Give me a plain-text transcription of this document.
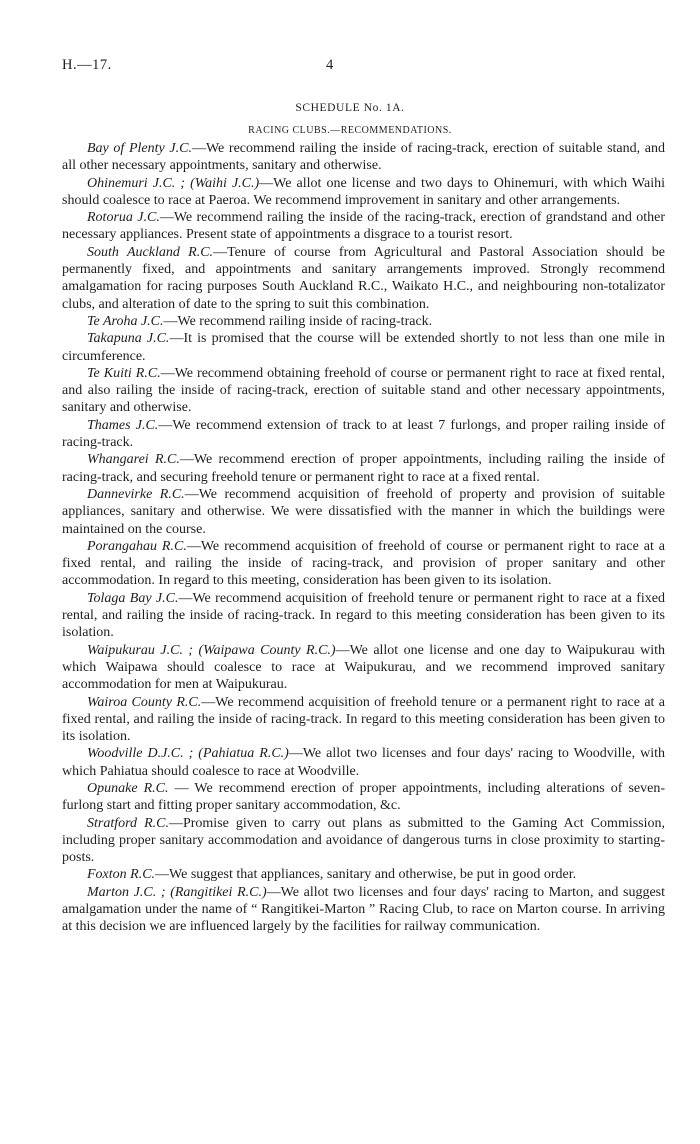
H.—17.	4
SCHEDULE No. 1A.
RACING CLUBS.—RECOMMENDATIONS.

Bay of Plenty J.C.—We recommend railing the inside of racing-track, erection of suitable stand, and all other necessary appointments, sanitary and otherwise.

Ohinemuri J.C. ; (Waihi J.C.)—We allot one license and two days to Ohinemuri, with which Waihi should coalesce to race at Paeroa. We recommend improvement in sanitary and other arrangements.

Rotorua J.C.—We recommend railing the inside of the racing-track, erection of grandstand and other necessary appliances. Present state of appointments a disgrace to a tourist resort.

South Auckland R.C.—Tenure of course from Agricultural and Pastoral Association should be permanently fixed, and appointments and sanitary arrangements improved. Strongly recommend amalgamation for racing purposes South Auckland R.C., Waikato H.C., and neighbouring non-totalizator clubs, and alteration of date to the spring to suit this combination.

Te Aroha J.C.—We recommend railing inside of racing-track.

Takapuna J.C.—It is promised that the course will be extended shortly to not less than one mile in circumference.

Te Kuiti R.C.—We recommend obtaining freehold of course or permanent right to race at fixed rental, and also railing the inside of racing-track, erection of suitable stand and other necessary appointments, sanitary and otherwise.

Thames J.C.—We recommend extension of track to at least 7 furlongs, and proper railing inside of racing-track.

Whangarei R.C.—We recommend erection of proper appointments, including railing the inside of racing-track, and securing freehold tenure or permanent right to race at a fixed rental.

Dannevirke R.C.—We recommend acquisition of freehold of property and provision of suitable appliances, sanitary and otherwise. We were dissatisfied with the manner in which the buildings were maintained on the course.

Porangahau R.C.—We recommend acquisition of freehold of course or permanent right to race at a fixed rental, and railing the inside of racing-track, and provision of proper sanitary and other accommodation. In regard to this meeting, consideration has been given to its isolation.

Tolaga Bay J.C.—We recommend acquisition of freehold tenure or permanent right to race at a fixed rental, and railing the inside of racing-track. In regard to this meeting consideration has been given to its isolation.

Waipukurau J.C. ; (Waipawa County R.C.)—We allot one license and one day to Waipukurau with which Waipawa should coalesce to race at Waipukurau, and we recommend improved sanitary accommodation for men at Waipukurau.

Wairoa County R.C.—We recommend acquisition of freehold tenure or a permanent right to race at a fixed rental, and railing the inside of racing-track. In regard to this meeting consideration has been given to its isolation.

Woodville D.J.C. ; (Pahiatua R.C.)—We allot two licenses and four days' racing to Woodville, with which Pahiatua should coalesce to race at Woodville.

Opunake R.C. — We recommend erection of proper appointments, including alterations of seven-furlong start and fitting proper sanitary accommodation, &c.

Stratford R.C.—Promise given to carry out plans as submitted to the Gaming Act Commission, including proper sanitary accommodation and avoidance of dangerous turns in close proximity to starting-posts.

Foxton R.C.—We suggest that appliances, sanitary and otherwise, be put in good order.

Marton J.C. ; (Rangitikei R.C.)—We allot two licenses and four days' racing to Marton, and suggest amalgamation under the name of “ Rangitikei-Marton ” Racing Club, to race on Marton course. In arriving at this decision we are influenced largely by the facilities for railway communication.
